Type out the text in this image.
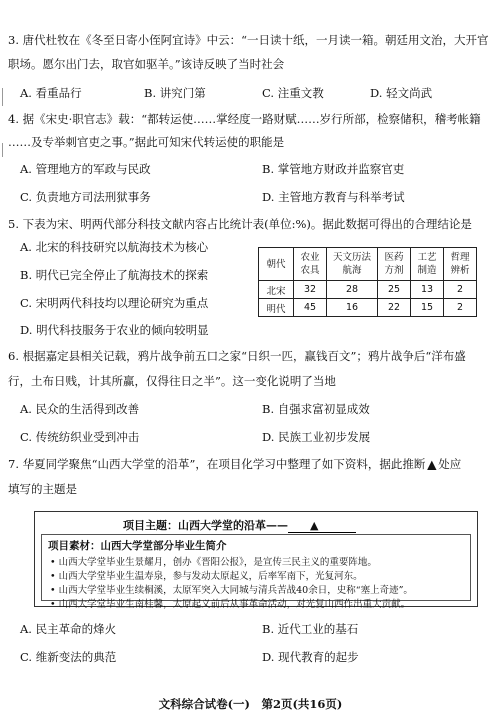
3. 唐代杜牧在《冬至日寄小侄阿宜诗》中云：“一日读十纸，一月读一箱。朝廷用文治，大开官
职场。愿尔出门去，取官如驱羊。”该诗反映了当时社会
A. 看重品行	B. 讲究门第	C. 注重文教	D. 轻文尚武
4. 据《宋史·职官志》载：“都转运使……掌经度一路财赋……岁行所部，检察储积，稽考帐籍
……及专举刺官吏之事。”据此可知宋代转运使的职能是
A. 管理地方的军政与民政	B. 掌管地方财政并监察官吏
C. 负责地方司法刑狱事务	D. 主管地方教育与科举考试
5. 下表为宋、明两代部分科技文献内容占比统计表(单位:%)。据此数据可得出的合理结论是
A. 北宋的科技研究以航海技术为核心
B. 明代已完全停止了航海技术的探索
C. 宋明两代科技均以理论研究为重点
D. 明代科技服务于农业的倾向较明显
朝代	农业农具	天文历法航海	医药方剂	工艺制造	哲理辨析
北宋	32	28	25	13	2
明代	45	16	22	15	2
6. 根据嘉定县相关记载，鸦片战争前五口之家“日织一匹，赢钱百文”；鸦片战争后“洋布盛
行，土布日贱，计其所赢，仅得往日之半”。这一变化说明了当地
A. 民众的生活得到改善	B. 自强求富初显成效
C. 传统纺织业受到冲击	D. 民族工业初步发展
7. 华夏同学聚焦“山西大学堂的沿革”，在项目化学习中整理了如下资料，据此推断 ▲ 处应
填写的主题是
项目主题：山西大学堂的沿革—— ▲
项目素材：山西大学堂部分毕业生简介
• 山西大学堂毕业生景耀月，创办《晋阳公报》，是宣传三民主义的重要阵地。
• 山西大学堂毕业生温寿泉，参与发动太原起义，后率军南下，光复河东。
• 山西大学堂毕业生续桐溪，太原军突入大同城与清兵苦战40余日，史称“塞上奇迹”。
• 山西大学堂毕业生南桂馨，太原起义前后从事革命活动，对光复山西作出重大贡献。
A. 民主革命的烽火	B. 近代工业的基石
C. 维新变法的典范	D. 现代教育的起步
文科综合试卷(一)　第2页(共16页)
